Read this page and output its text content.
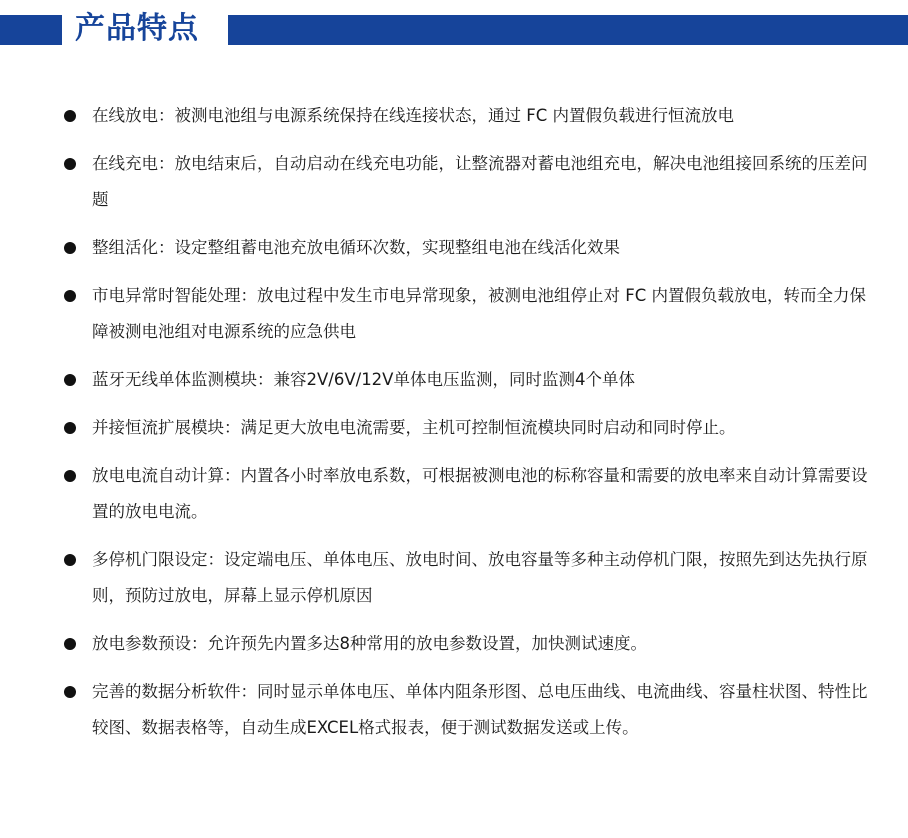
产品特点
在线放电：被测电池组与电源系统保持在线连接状态，通过 FC 内置假负载进行恒流放电
在线充电：放电结束后，自动启动在线充电功能，让整流器对蓄电池组充电，解决电池组接回系统的压差问题
整组活化：设定整组蓄电池充放电循环次数，实现整组电池在线活化效果
市电异常时智能处理：放电过程中发生市电异常现象，被测电池组停止对 FC 内置假负载放电，转而全力保障被测电池组对电源系统的应急供电
蓝牙无线单体监测模块：兼容2V/6V/12V单体电压监测，同时监测4个单体
并接恒流扩展模块：满足更大放电电流需要，主机可控制恒流模块同时启动和同时停止。
放电电流自动计算：内置各小时率放电系数，可根据被测电池的标称容量和需要的放电率来自动计算需要设置的放电电流。
多停机门限设定：设定端电压、单体电压、放电时间、放电容量等多种主动停机门限，按照先到达先执行原则，预防过放电，屏幕上显示停机原因
放电参数预设：允许预先内置多达8种常用的放电参数设置，加快测试速度。
完善的数据分析软件：同时显示单体电压、单体内阻条形图、总电压曲线、电流曲线、容量柱状图、特性比较图、数据表格等，自动生成EXCEL格式报表，便于测试数据发送或上传。
